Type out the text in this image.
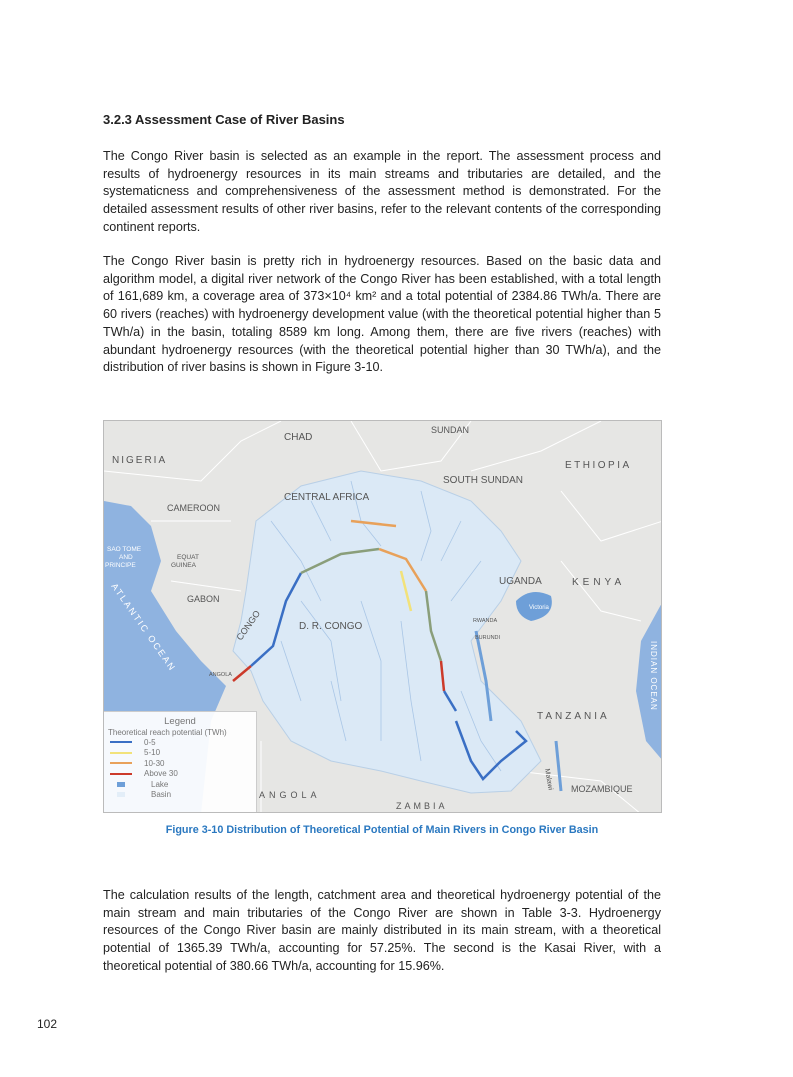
3.2.3 Assessment Case of River Basins
The Congo River basin is selected as an example in the report. The assessment process and results of hydroenergy resources in its main streams and tributaries are detailed, and the systematicness and comprehensiveness of the assessment method is demonstrated. For the detailed assessment results of other river basins, refer to the relevant contents of the corresponding continent reports.
The Congo River basin is pretty rich in hydroenergy resources. Based on the basic data and algorithm model, a digital river network of the Congo River has been established, with a total length of 161,689 km, a coverage area of 373×10⁴ km² and a total potential of 2384.86 TWh/a. There are 60 rivers (reaches) with hydroenergy development value (with the theoretical potential higher than 5 TWh/a) in the basin, totaling 8589 km long. Among them, there are five rivers (reaches) with abundant hydroenergy resources (with the theoretical potential higher than 30 TWh/a), and the distribution of river basins is shown in Figure 3-10.
CHAD
SUNDAN
NIGERIA	ETHIOPIA
SOUTH SUNDAN
CENTRAL AFRICA
CAMEROON
SAO TOME
AND
PRINCIPE
EQUAT
GUINEA
UGANDA	KENYA
GABON
D. R. CONGO
CONGO
ATLANTIC OCEAN
ANGOLA
RWANDA
BURUNDI
Victoria
TANZANIA
INDIAN OCEAN
ANGOLA
ZAMBIA
MOZAMBIQUE
Malawi
Legend
Theoretical reach potential (TWh)
0-5
5-10
10-30
Above 30
Lake
Basin
Figure 3-10 Distribution of Theoretical Potential of Main Rivers in Congo River Basin
The calculation results of the length, catchment area and theoretical hydroenergy potential of the main stream and main tributaries of the Congo River are shown in Table 3-3. Hydroenergy resources of the Congo River basin are mainly distributed in its main stream, with a theoretical potential of 1365.39 TWh/a, accounting for 57.25%. The second is the Kasai River, with a theoretical potential of 380.66 TWh/a, accounting for 15.96%.
102
